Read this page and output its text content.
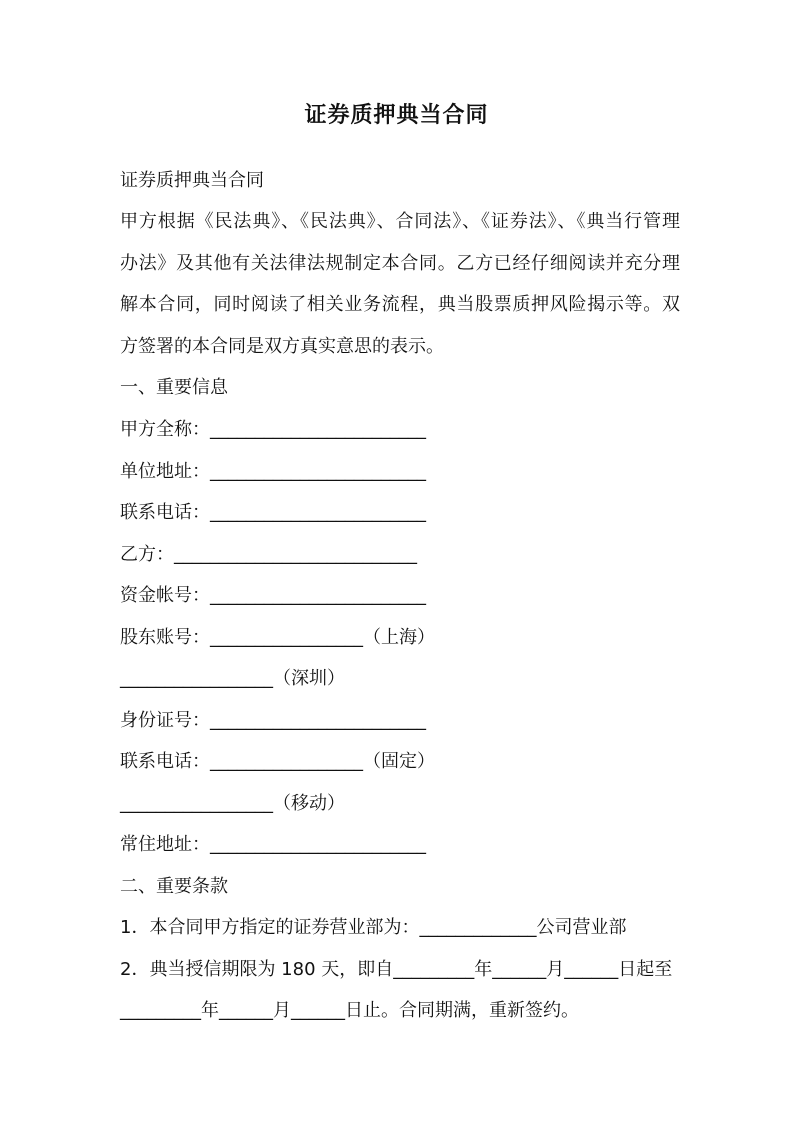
证券质押典当合同
证券质押典当合同
甲方根据《民法典》、《民法典》、合同法》、《证券法》、《典当行管理
办法》及其他有关法律法规制定本合同。乙方已经仔细阅读并充分理
解本合同，同时阅读了相关业务流程，典当股票质押风险揭示等。双
方签署的本合同是双方真实意思的表示。
一、重要信息
甲方全称：________________________
单位地址：________________________
联系电话：________________________
乙方：___________________________
资金帐号：________________________
股东账号：_________________（上海）
_________________（深圳）
身份证号：________________________
联系电话：_________________（固定）
_________________（移动）
常住地址：________________________
二、重要条款
1．本合同甲方指定的证券营业部为：_____________公司营业部
2．典当授信期限为 180 天，即自_________年______月______日起至
_________年______月______日止。合同期满，重新签约。
